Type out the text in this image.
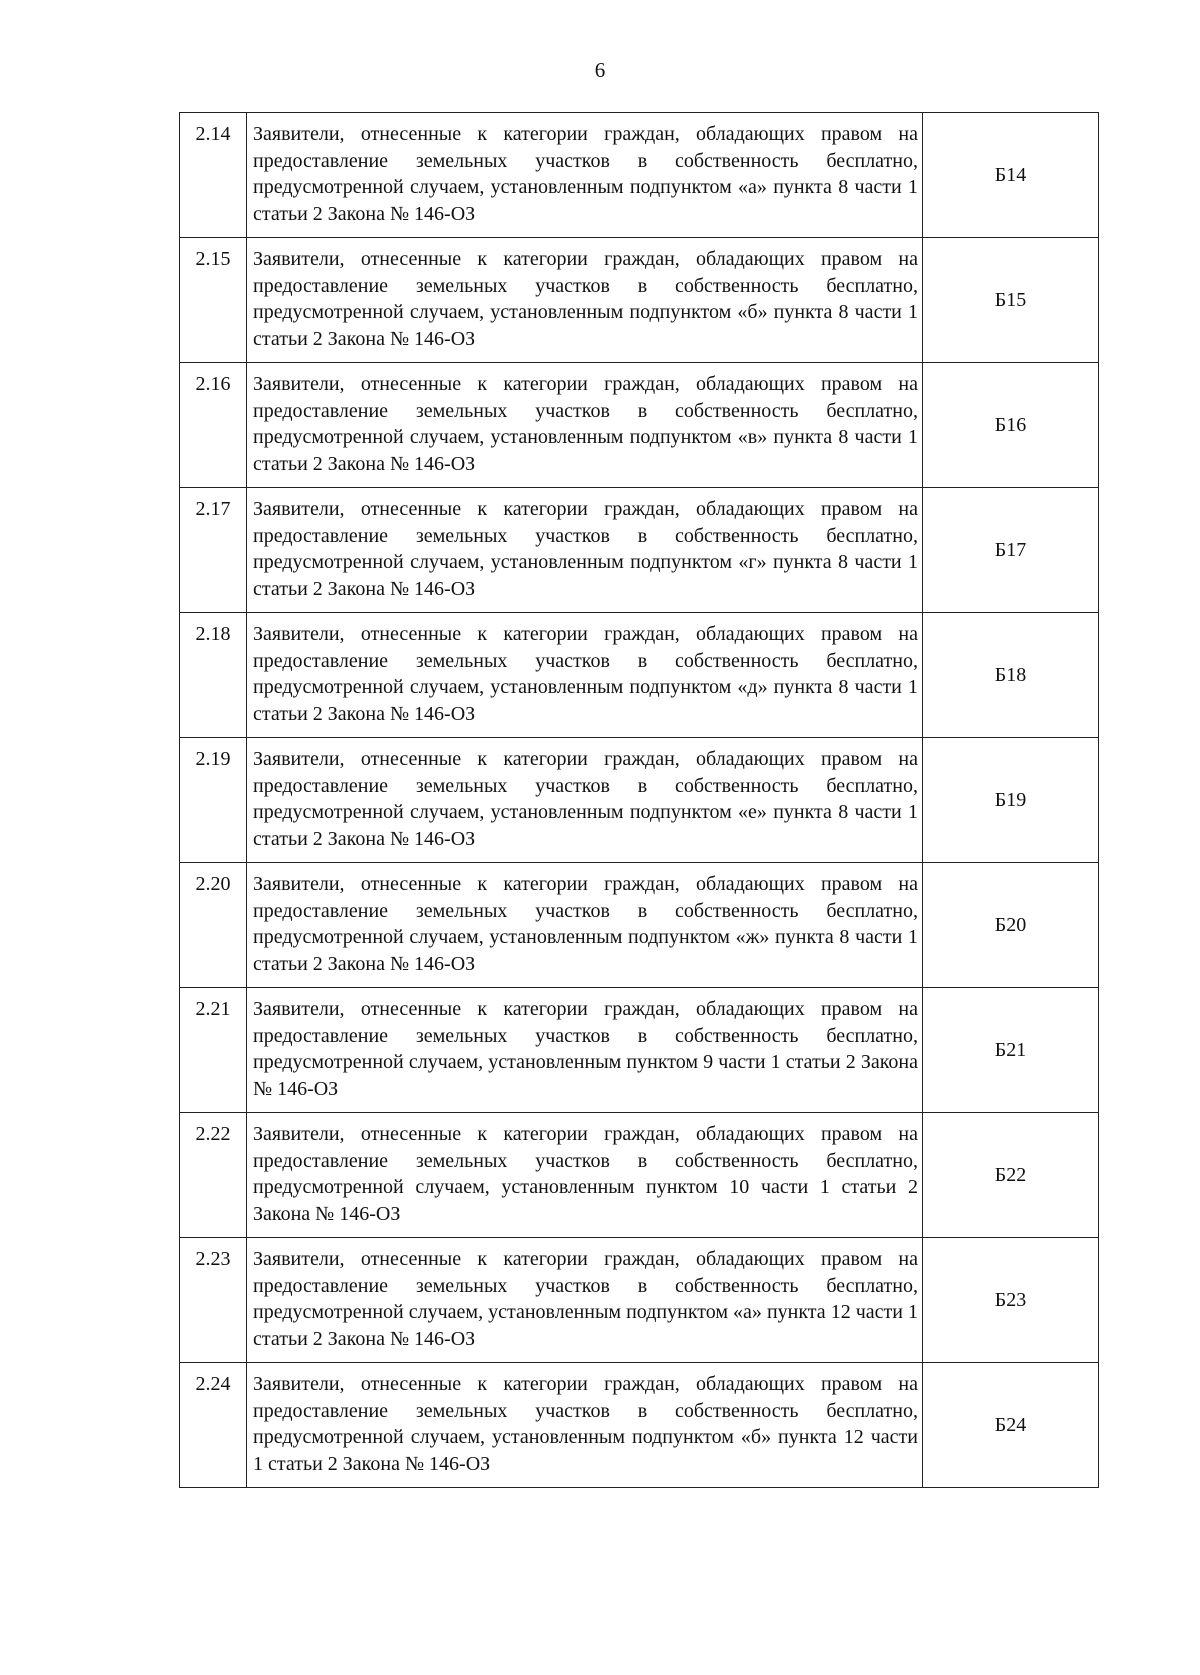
6
2.14	Заявители, отнесенные к категории граждан, обладающих правом на предоставление земельных участков в собственность бесплатно, предусмотренной случаем, установленным подпунктом «а» пункта 8 части 1 статьи 2 Закона № 146-ОЗ	Б14
2.15	Заявители, отнесенные к категории граждан, обладающих правом на предоставление земельных участков в собственность бесплатно, предусмотренной случаем, установленным подпунктом «б» пункта 8 части 1 статьи 2 Закона № 146-ОЗ	Б15
2.16	Заявители, отнесенные к категории граждан, обладающих правом на предоставление земельных участков в собственность бесплатно, предусмотренной случаем, установленным подпунктом «в» пункта 8 части 1 статьи 2 Закона № 146-ОЗ	Б16
2.17	Заявители, отнесенные к категории граждан, обладающих правом на предоставление земельных участков в собственность бесплатно, предусмотренной случаем, установленным подпунктом «г» пункта 8 части 1 статьи 2 Закона № 146-ОЗ	Б17
2.18	Заявители, отнесенные к категории граждан, обладающих правом на предоставление земельных участков в собственность бесплатно, предусмотренной случаем, установленным подпунктом «д» пункта 8 части 1 статьи 2 Закона № 146-ОЗ	Б18
2.19	Заявители, отнесенные к категории граждан, обладающих правом на предоставление земельных участков в собственность бесплатно, предусмотренной случаем, установленным подпунктом «е» пункта 8 части 1 статьи 2 Закона № 146-ОЗ	Б19
2.20	Заявители, отнесенные к категории граждан, обладающих правом на предоставление земельных участков в собственность бесплатно, предусмотренной случаем, установленным подпунктом «ж» пункта 8 части 1 статьи 2 Закона № 146-ОЗ	Б20
2.21	Заявители, отнесенные к категории граждан, обладающих правом на предоставление земельных участков в собственность бесплатно, предусмотренной случаем, установленным пунктом 9 части 1 статьи 2 Закона № 146-ОЗ	Б21
2.22	Заявители, отнесенные к категории граждан, обладающих правом на предоставление земельных участков в собственность бесплатно, предусмотренной случаем, установленным пунктом 10 части 1 статьи 2 Закона № 146-ОЗ	Б22
2.23	Заявители, отнесенные к категории граждан, обладающих правом на предоставление земельных участков в собственность бесплатно, предусмотренной случаем, установленным подпунктом «а» пункта 12 части 1 статьи 2 Закона № 146-ОЗ	Б23
2.24	Заявители, отнесенные к категории граждан, обладающих правом на предоставление земельных участков в собственность бесплатно, предусмотренной случаем, установленным подпунктом «б» пункта 12 части 1 статьи 2 Закона № 146-ОЗ	Б24
